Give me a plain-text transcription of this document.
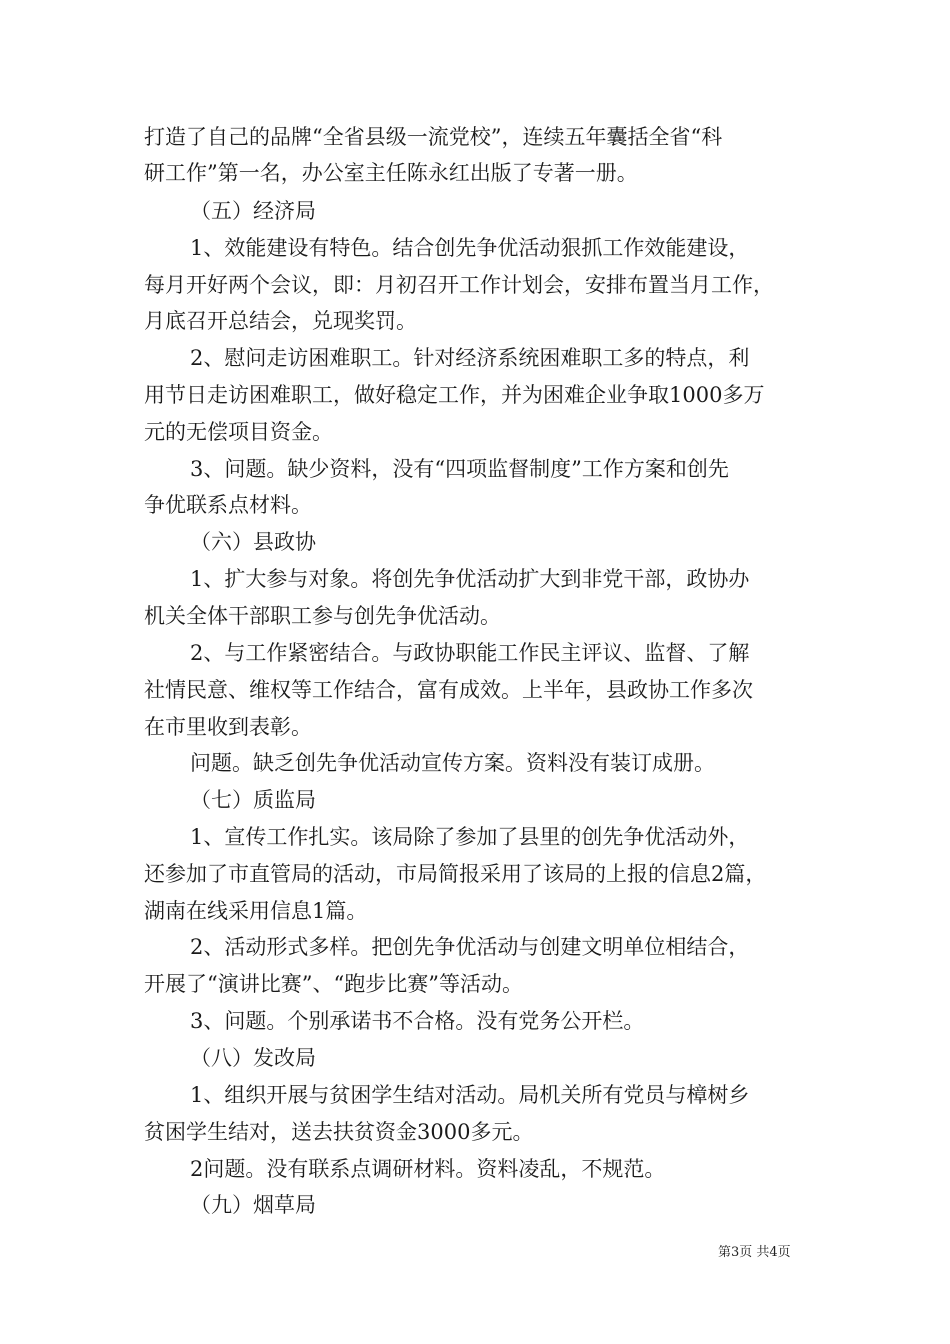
打造了自己的品牌“全省县级一流党校”，连续五年囊括全省“科
研工作”第一名，办公室主任陈永红出版了专著一册。
（五）经济局
1、效能建设有特色。结合创先争优活动狠抓工作效能建设，
每月开好两个会议，即：月初召开工作计划会，安排布置当月工作，
月底召开总结会，兑现奖罚。
2、慰问走访困难职工。针对经济系统困难职工多的特点，利
用节日走访困难职工，做好稳定工作，并为困难企业争取1000多万
元的无偿项目资金。
3、问题。缺少资料，没有“四项监督制度”工作方案和创先
争优联系点材料。
（六）县政协
1、扩大参与对象。将创先争优活动扩大到非党干部，政协办
机关全体干部职工参与创先争优活动。
2、与工作紧密结合。与政协职能工作民主评议、监督、了解
社情民意、维权等工作结合，富有成效。上半年，县政协工作多次
在市里收到表彰。
问题。缺乏创先争优活动宣传方案。资料没有装订成册。
（七）质监局
1、宣传工作扎实。该局除了参加了县里的创先争优活动外，
还参加了市直管局的活动，市局简报采用了该局的上报的信息2篇，
湖南在线采用信息1篇。
2、活动形式多样。把创先争优活动与创建文明单位相结合，
开展了“演讲比赛”、“跑步比赛”等活动。
3、问题。个别承诺书不合格。没有党务公开栏。
（八）发改局
1、组织开展与贫困学生结对活动。局机关所有党员与樟树乡
贫困学生结对，送去扶贫资金3000多元。
2问题。没有联系点调研材料。资料凌乱，不规范。
（九）烟草局
第3页 共4页
